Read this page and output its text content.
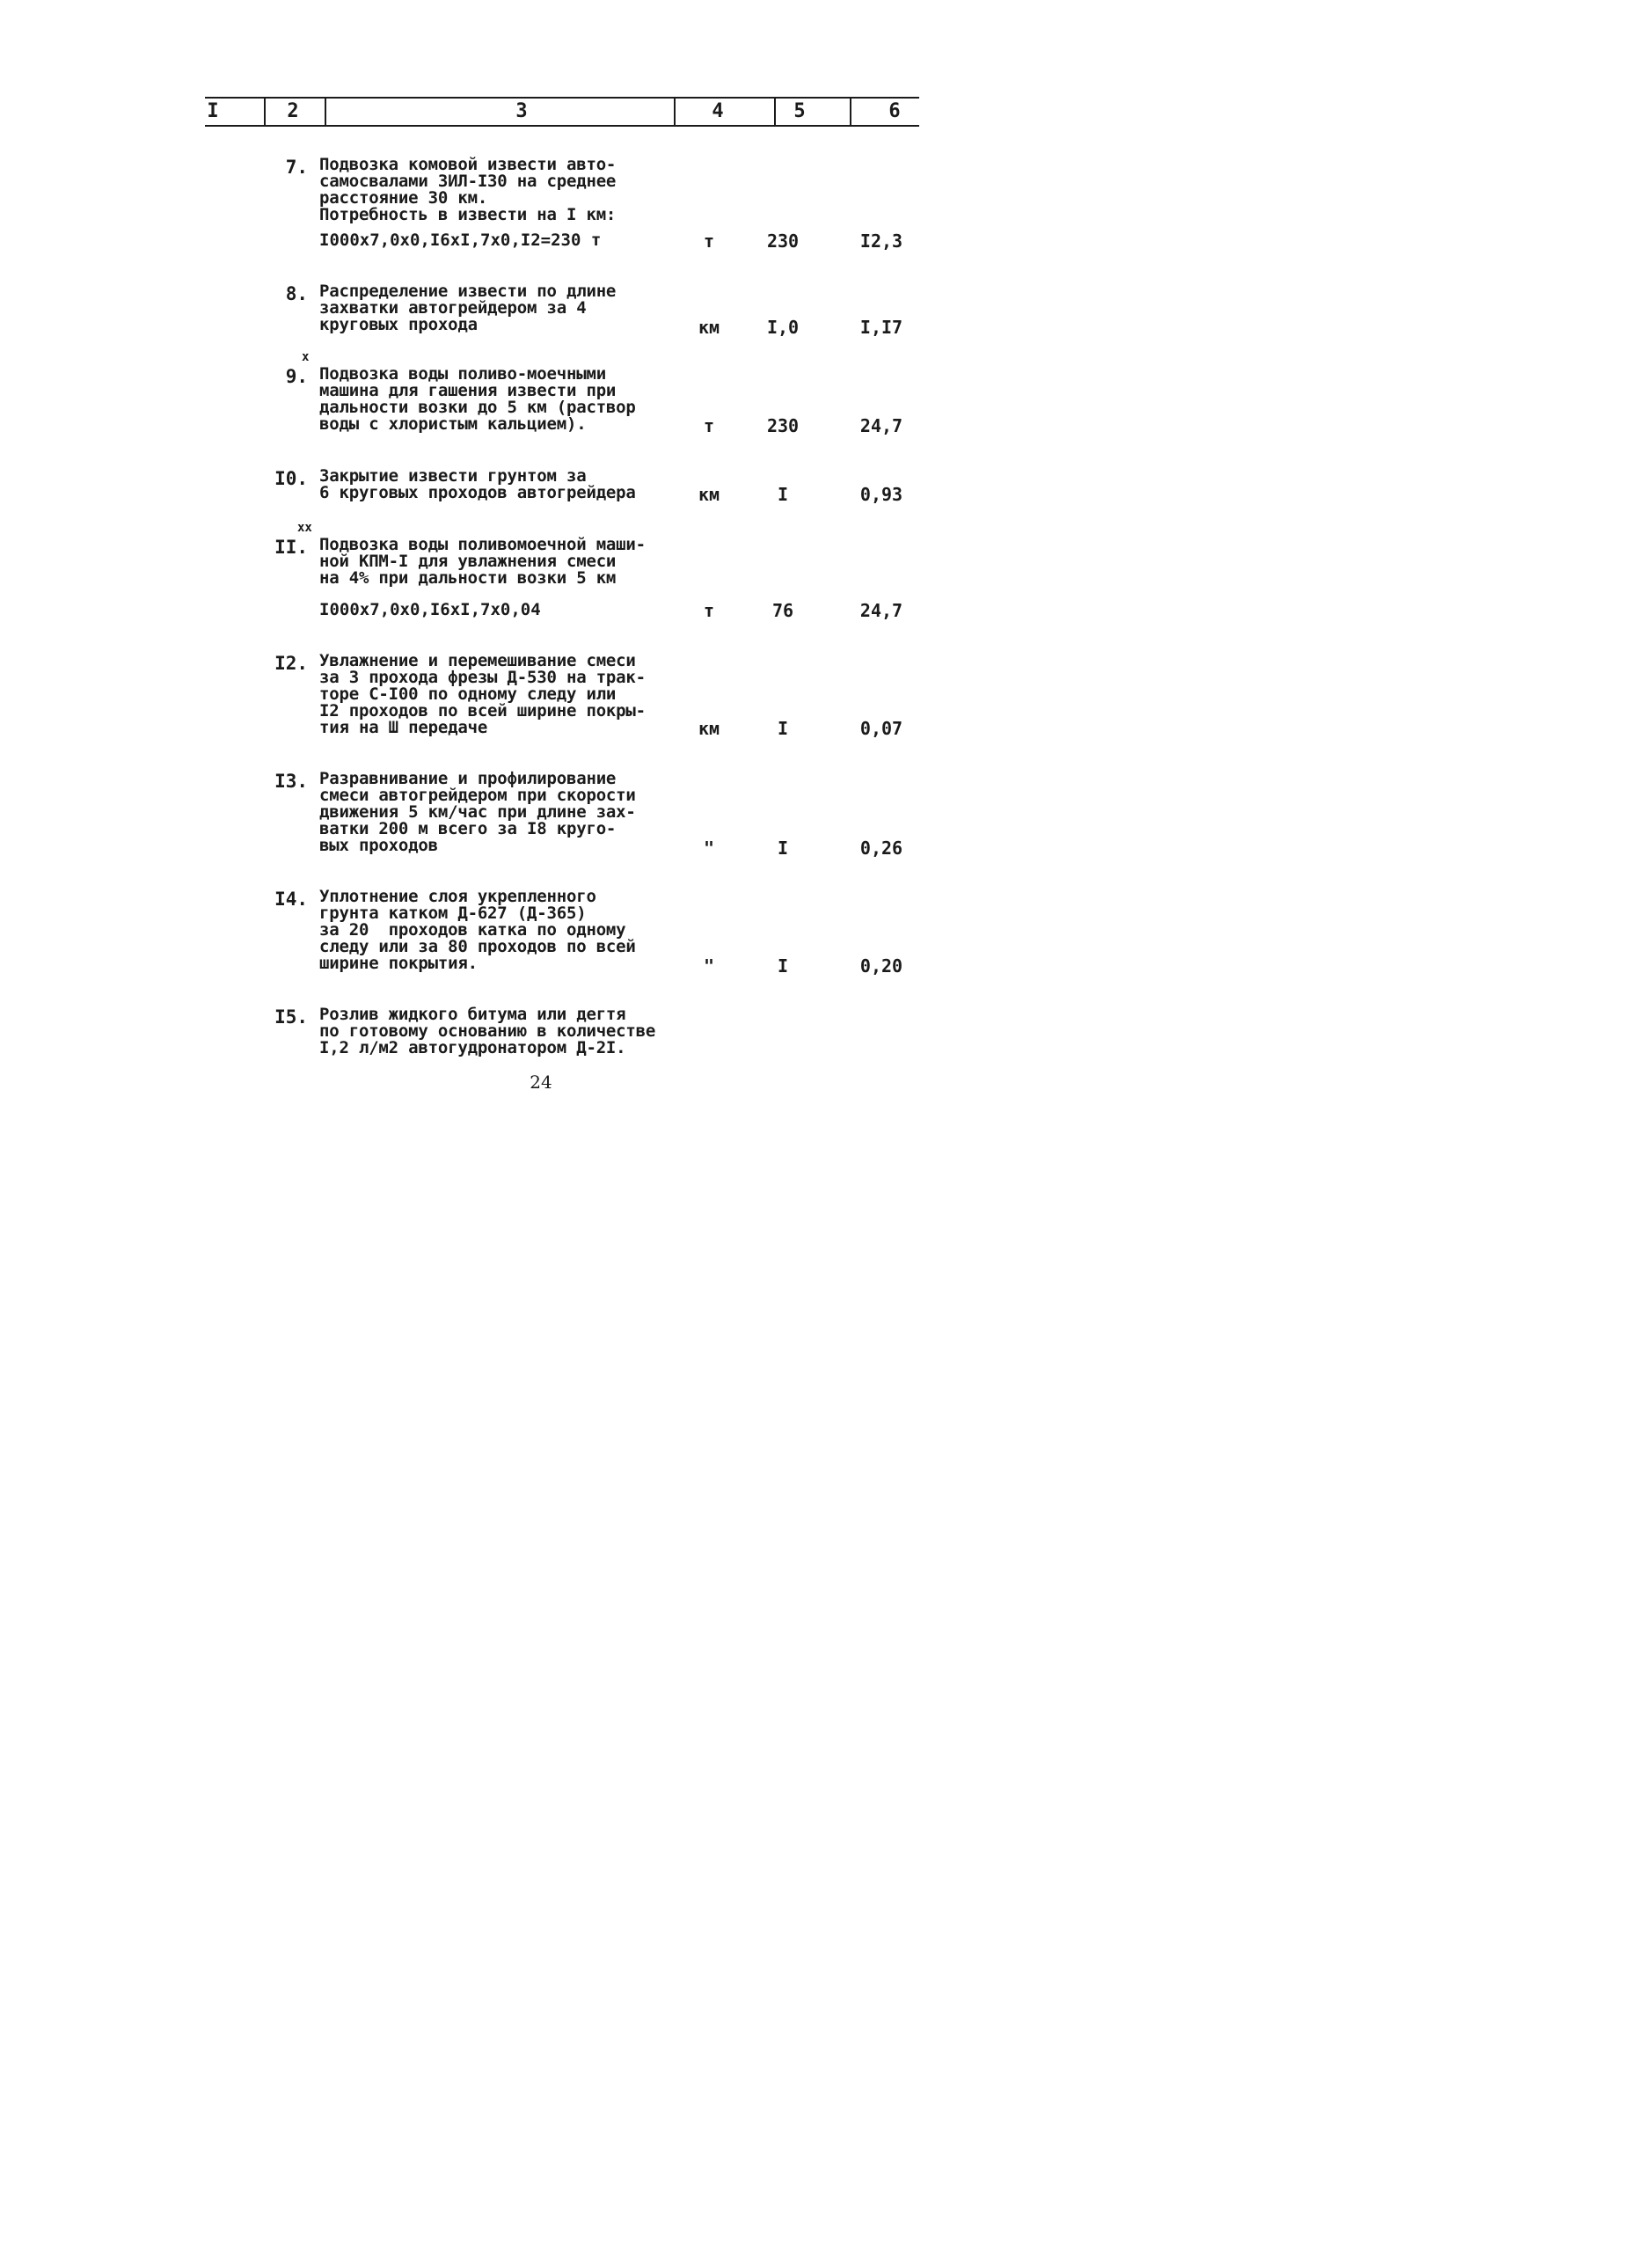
I	2	3	4	5	6
7. Подвозка комовой извести авто-
самосвалами ЗИЛ-I30 на среднее
расстояние 30 км.
Потребность в извести на I км:
I000x7,0x0,I6xI,7x0,I2=230 т	т	230	I2,3
8. Распределение извести по длине
захватки автогрейдером за 4
круговых прохода	км	I,0	I,I7
х
9. Подвозка воды поливо-моечными
машина для гашения извести при
дальности возки до 5 км (раствор
воды с хлористым кальцием).	т	230	24,7
I0. Закрытие извести грунтом за
6 круговых проходов автогрейдера	км	I	0,93
хх
II. Подвозка воды поливомоечной маши-
ной КПМ-I для увлажнения смеси
на 4% при дальности возки 5 км
I000x7,0x0,I6xI,7x0,04	т	76	24,7
I2. Увлажнение и перемешивание смеси
за 3 прохода фрезы Д-530 на трак-
торе С-I00 по одному следу или
I2 проходов по всей ширине покры-
тия на Ш передаче	км	I	0,07
I3. Разравнивание и профилирование
смеси автогрейдером при скорости
движения 5 км/час при длине зах-
ватки 200 м всего за I8 кругo-
вых проходов	"	I	0,26
I4. Уплотнение слоя укрепленного
грунта катком Д-627 (Д-365)
за 20  проходов катка по одному
следу или за 80 проходов по всей
ширине покрытия.	"	I	0,20
I5. Розлив жидкого битума или дегтя
по готовому основанию в количестве
I,2 л/м2 автогудронатором Д-2I.
24
